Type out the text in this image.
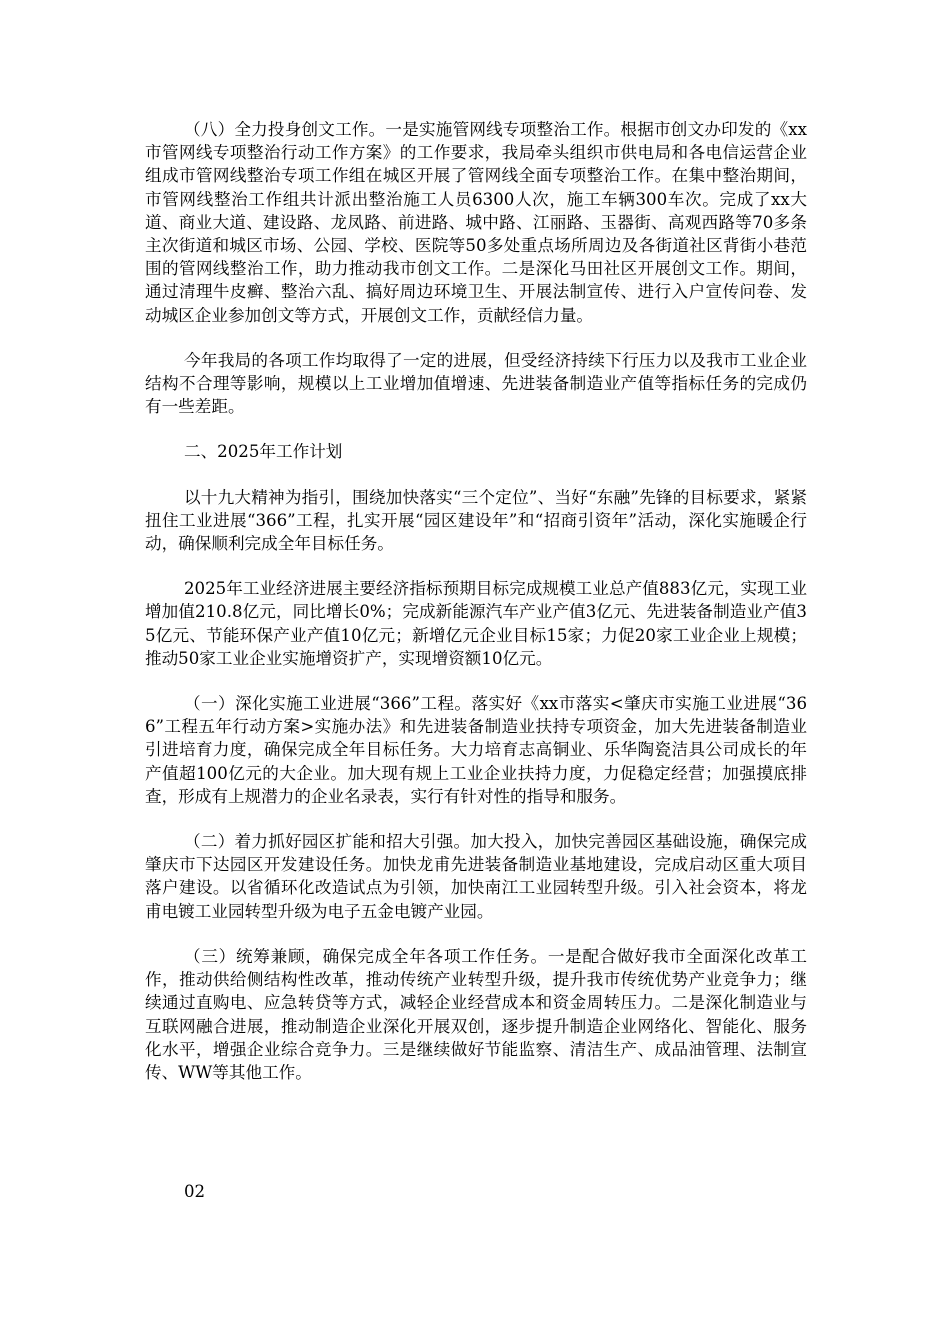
（八）全力投身创文工作。一是实施管网线专项整治工作。根据市创文办印发的《xx市管网线专项整治行动工作方案》的工作要求，我局牵头组织市供电局和各电信运营企业组成市管网线整治专项工作组在城区开展了管网线全面专项整治工作。在集中整治期间，市管网线整治工作组共计派出整治施工人员6300人次，施工车辆300车次。完成了xx大道、商业大道、建设路、龙凤路、前进路、城中路、江丽路、玉器街、高观西路等70多条主次街道和城区市场、公园、学校、医院等50多处重点场所周边及各街道社区背街小巷范围的管网线整治工作，助力推动我市创文工作。二是深化马田社区开展创文工作。期间，通过清理牛皮癣、整治六乱、搞好周边环境卫生、开展法制宣传、进行入户宣传问卷、发动城区企业参加创文等方式，开展创文工作，贡献经信力量。

今年我局的各项工作均取得了一定的进展，但受经济持续下行压力以及我市工业企业结构不合理等影响，规模以上工业增加值增速、先进装备制造业产值等指标任务的完成仍有一些差距。

二、2025年工作计划

以十九大精神为指引，围绕加快落实“三个定位”、当好“东融”先锋的目标要求，紧紧扭住工业进展“366”工程，扎实开展“园区建设年”和“招商引资年”活动，深化实施暖企行动，确保顺利完成全年目标任务。

2025年工业经济进展主要经济指标预期目标完成规模工业总产值883亿元，实现工业增加值210.8亿元，同比增长0%；完成新能源汽车产业产值3亿元、先进装备制造业产值35亿元、节能环保产业产值10亿元；新增亿元企业目标15家；力促20家工业企业上规模；推动50家工业企业实施增资扩产，实现增资额10亿元。

（一）深化实施工业进展“366”工程。落实好《xx市落实<肇庆市实施工业进展“366”工程五年行动方案>实施办法》和先进装备制造业扶持专项资金，加大先进装备制造业引进培育力度，确保完成全年目标任务。大力培育志高铜业、乐华陶瓷洁具公司成长的年产值超100亿元的大企业。加大现有规上工业企业扶持力度，力促稳定经营；加强摸底排查，形成有上规潜力的企业名录表，实行有针对性的指导和服务。

（二）着力抓好园区扩能和招大引强。加大投入，加快完善园区基础设施，确保完成肇庆市下达园区开发建设任务。加快龙甫先进装备制造业基地建设，完成启动区重大项目落户建设。以省循环化改造试点为引领，加快南江工业园转型升级。引入社会资本，将龙甫电镀工业园转型升级为电子五金电镀产业园。

（三）统筹兼顾，确保完成全年各项工作任务。一是配合做好我市全面深化改革工作，推动供给侧结构性改革，推动传统产业转型升级，提升我市传统优势产业竞争力；继续通过直购电、应急转贷等方式，减轻企业经营成本和资金周转压力。二是深化制造业与互联网融合进展，推动制造企业深化开展双创，逐步提升制造企业网络化、智能化、服务化水平，增强企业综合竞争力。三是继续做好节能监察、清洁生产、成品油管理、法制宣传、WW等其他工作。

02
